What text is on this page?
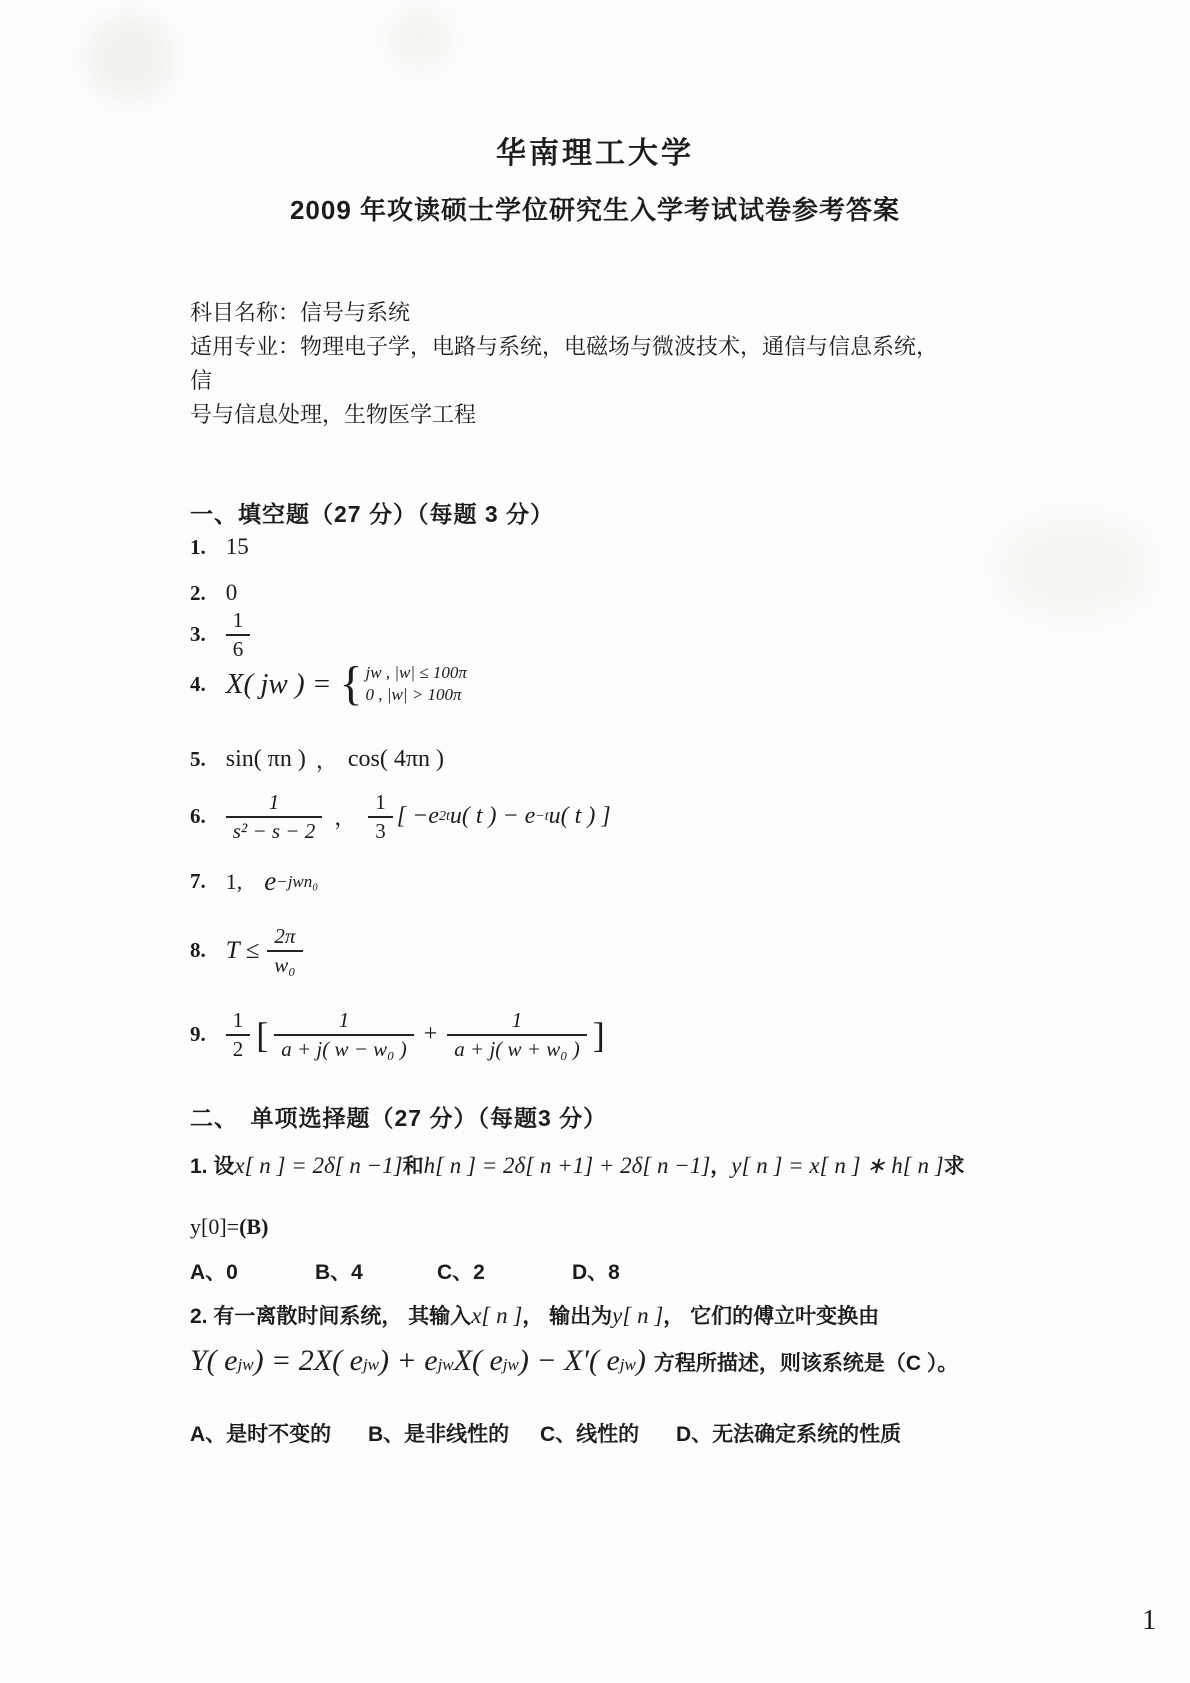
华南理工大学
2009 年攻读硕士学位研究生入学考试试卷参考答案
科目名称：信号与系统
适用专业：物理电子学，电路与系统，电磁场与微波技术，通信与信息系统，信
号与信息处理，生物医学工程
一、填空题（27 分）（每题 3 分）
1. 15
2. 0
3. $\frac{1}{6}$
4. X( jw ) = { jw , |w| ≤ 100π
0 , |w| > 100π
5. sin( πn ) ， cos( 4πn )
6. $\frac{1}{\text{s² − s − 2}}$ ， $\frac{1}{3}$ [ −e 2t u( t ) − e −t u( t ) ]
7. 1, e −jwn₀
8. $T \le \frac{2\pi}{\text{w₀}}$
9. $\frac{1}{2}$ [ $\frac{1}{\text{a + j( w − w₀ )}} + \frac{1}{\text{a + j( w + w₀ )}}$ ]
二、　单项选择题（27 分）（每题3 分）
1. 设 x[ n ] = 2δ[ n −1] 和 h[ n ] = 2δ[ n +1] + 2δ[ n −1] ， y[ n ] = x[ n ] ∗ h[ n ] 求
y[0]= (B)
A、0	B、4	C、2	D、8
2. 有一离散时间系统， 其输入 x[ n ] ， 输出为 y[ n ] ， 它们的傅立叶变换由
Y( e jw ) = 2X( e jw ) + e jw X( e jw ) − X′( e jw ) 方程所描述，则该系统是（C ）。
A、是时不变的	B、是非线性的	C、线性的	D、无法确定系统的性质
1
